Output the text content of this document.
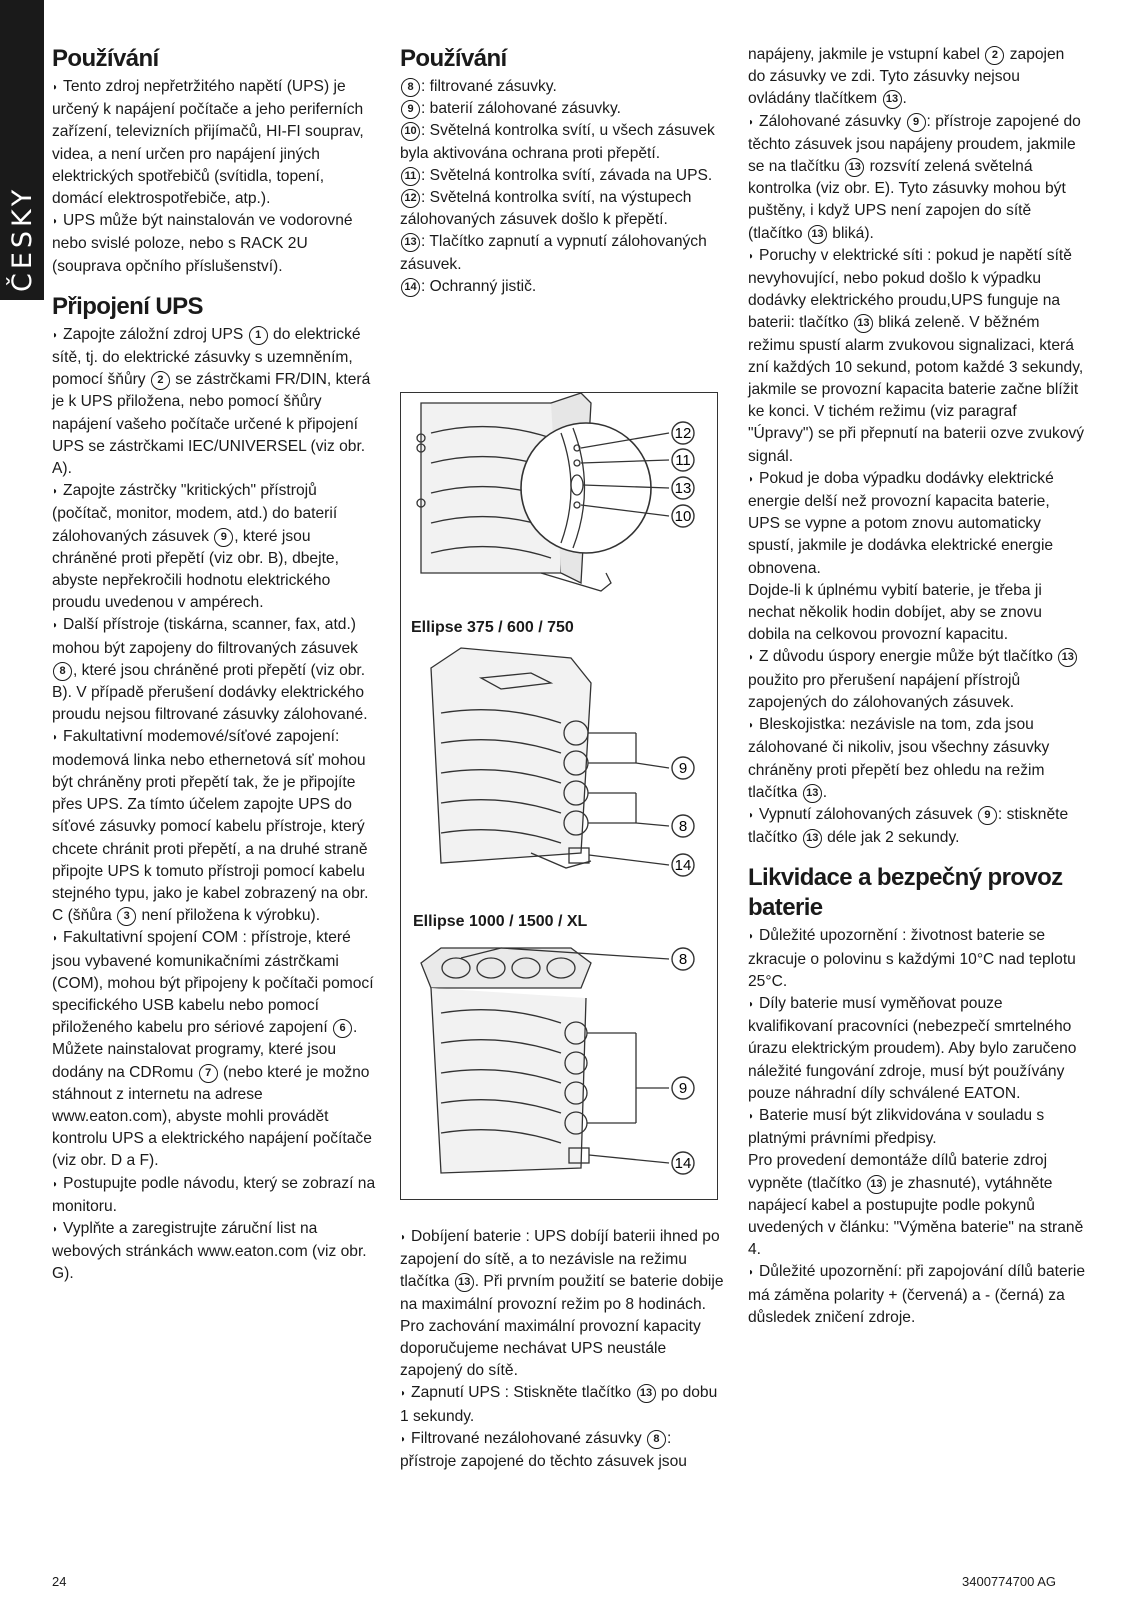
ČESKY
Používání

◗ Tento zdroj nepřetržitého napětí (UPS) je určený k napájení počítače a jeho periferních zařízení, televizních přijímačů, HI-FI souprav, videa, a není určen pro napájení jiných elektrických spotřebičů (svítidla, topení, domácí elektrospotřebiče, atp.).

◗ UPS může být nainstalován ve vodorovné nebo svislé poloze, nebo s RACK 2U (souprava opčního příslušenství).

Připojení UPS

◗ Zapojte záložní zdroj UPS 1 do elektrické sítě, tj. do elektrické zásuvky s uzemněním, pomocí šňůry 2 se zástrčkami FR/DIN, která je k UPS přiložena, nebo pomocí šňůry napájení vašeho počítače určené k připojení UPS se zástrčkami IEC/UNIVERSEL (viz obr. A).

◗ Zapojte zástrčky "kritických" přístrojů (počítač, monitor, modem, atd.) do baterií zálohovaných zásuvek 9 , které jsou chráněné proti přepětí (viz obr. B), dbejte, abyste nepřekročili hodnotu elektrického proudu uvedenou v ampérech.

◗ Další přístroje (tiskárna, scanner, fax, atd.) mohou být zapojeny do filtrovaných zásuvek 8 , které jsou chráněné proti přepětí (viz obr. B). V případě přerušení dodávky elektrického proudu nejsou filtrované zásuvky zálohované.

◗ Fakultativní modemové/síťové zapojení: modemová linka nebo ethernetová síť mohou být chráněny proti přepětí tak, že je připojíte přes UPS. Za tímto účelem zapojte UPS do síťové zásuvky pomocí kabelu přístroje, který chcete chránit proti přepětí, a na druhé straně připojte UPS k tomuto přístroji pomocí kabelu stejného typu, jako je kabel zobrazený na obr. C (šňůra 3 není přiložena k výrobku).

◗ Fakultativní spojení COM : přístroje, které jsou vybavené komunikačními zástrčkami (COM), mohou být připojeny k počítači pomocí specifického USB kabelu nebo pomocí přiloženého kabelu pro sériové zapojení 6 .

Můžete nainstalovat programy, které jsou dodány na CDRomu 7 (nebo které je možno stáhnout z internetu na adrese www.eaton.com), abyste mohli provádět kontrolu UPS a elektrického napájení počítače (viz obr. D a F).

◗ Postupujte podle návodu, který se zobrazí na monitoru.

◗ Vyplňte a zaregistrujte záruční list na webových stránkách www.eaton.com (viz obr. G).

Používání

8 : filtrované zásuvky.

9 : baterií zálohované zásuvky.

10 : Světelná kontrolka svítí, u všech zásuvek byla aktivována ochrana proti přepětí.

11 : Světelná kontrolka svítí, závada na UPS.

12 : Světelná kontrolka svítí, na výstupech zálohovaných zásuvek došlo k přepětí.

13 : Tlačítko zapnutí a vypnutí zálohovaných zásuvek.

14 : Ochranný jistič.

12
11
13
10
9
8
14
8
9
14
Ellipse 375 / 600 / 750
Ellipse 1000 / 1500 / XL

◗ Dobíjení baterie : UPS dobíjí baterii ihned po zapojení do sítě, a to nezávisle na režimu tlačítka 13 . Při prvním použití se baterie dobije na maximální provozní režim po 8 hodinách. Pro zachování maximální provozní kapacity doporučujeme nechávat UPS neustále zapojený do sítě.

◗ Zapnutí UPS : Stiskněte tlačítko 13 po dobu 1 sekundy.

◗ Filtrované nezálohované zásuvky 8 : přístroje zapojené do těchto zásuvek jsou

napájeny, jakmile je vstupní kabel 2 zapojen do zásuvky ve zdi. Tyto zásuvky nejsou ovládány tlačítkem 13 .

◗ Zálohované zásuvky 9 : přístroje zapojené do těchto zásuvek jsou napájeny proudem, jakmile se na tlačítku 13 rozsvítí zelená světelná kontrolka (viz obr. E). Tyto zásuvky mohou být puštěny, i když UPS není zapojen do sítě (tlačítko 13 bliká).

◗ Poruchy v elektrické síti : pokud je napětí sítě nevyhovující, nebo pokud došlo k výpadku dodávky elektrického proudu,UPS funguje na baterii: tlačítko 13 bliká zeleně. V běžném režimu spustí alarm zvukovou signalizaci, která zní každých 10 sekund, potom každé 3 sekundy, jakmile se provozní kapacita baterie začne blížit ke konci. V tichém režimu (viz paragraf "Úpravy") se při přepnutí na baterii ozve zvukový signál.

◗ Pokud je doba výpadku dodávky elektrické energie delší než provozní kapacita baterie, UPS se vypne a potom znovu automaticky spustí, jakmile je dodávka elektrické energie obnovena.

Dojde-li k úplnému vybití baterie, je třeba ji nechat několik hodin dobíjet, aby se znovu dobila na celkovou provozní kapacitu.

◗ Z důvodu úspory energie může být tlačítko 13 použito pro přerušení napájení přístrojů zapojených do zálohovaných zásuvek.

◗ Bleskojistka: nezávisle na tom, zda jsou zálohované či nikoliv, jsou všechny zásuvky chráněny proti přepětí bez ohledu na režim tlačítka 13 .

◗ Vypnutí zálohovaných zásuvek 9 : stiskněte tlačítko 13 déle jak 2 sekundy.

Likvidace a bezpečný provoz baterie

◗ Důležité upozornění : životnost baterie se zkracuje o polovinu s každými 10°C nad teplotu 25°C.

◗ Díly baterie musí vyměňovat pouze kvalifikovaní pracovníci (nebezpečí smrtelného úrazu elektrickým proudem). Aby bylo zaručeno náležité fungování zdroje, musí být používány pouze náhradní díly schválené EATON.

◗ Baterie musí být zlikvidována v souladu s platnými právními předpisy.

Pro provedení demontáže dílů baterie zdroj vypněte (tlačítko 13 je zhasnuté), vytáhněte napájecí kabel a postupujte podle pokynů uvedených v článku: "Výměna baterie" na straně 4.

◗ Důležité upozornění: při zapojování dílů baterie má záměna polarity + (červená) a - (černá) za důsledek zničení zdroje.

24	3400774700 AG
